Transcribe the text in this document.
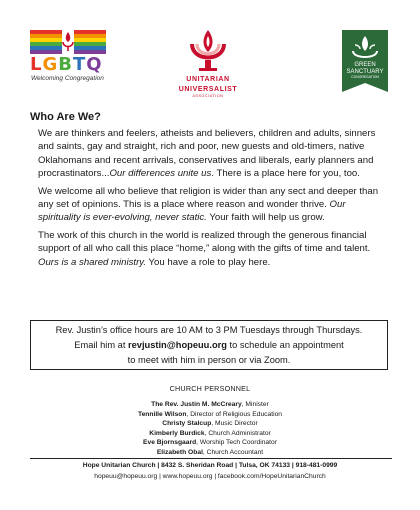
LGBTQ
Welcoming Congregation	UNITARIAN
UNIVERSALIST
ASSOCIATION
GREEN
SANCTUARY
CONGREGATION
Who Are We?

We are thinkers and feelers, atheists and believers, children and adults, sinners and saints, gay and straight, rich and poor, new guests and old-timers, native Oklahomans and recent arrivals, conservatives and liberals, early planners and procrastinators...Our differences unite us. There is a place here for you, too.

We welcome all who believe that religion is wider than any sect and deeper than any set of opinions. This is a place where reason and wonder thrive. Our spirituality is ever-evolving, never static. Your faith will help us grow.

The work of this church in the world is realized through the generous financial support of all who call this place “home,” along with the gifts of time and talent. Ours is a shared ministry. You have a role to play here.

Rev. Justin’s office hours are 10 AM to 3 PM Tuesdays through Thursdays.
Email him at revjustin@hopeuu.org to schedule an appointment
to meet with him in person or via Zoom.
CHURCH PERSONNEL
The Rev. Justin M. McCreary, Minister
Tennille Wilson, Director of Religious Education
Christy Stalcup, Music Director
Kimberly Burdick, Church Administrator
Eve Bjornsgaard, Worship Tech Coordinator
Elizabeth Obal, Church Accountant
Hope Unitarian Church | 8432 S. Sheridan Road | Tulsa, OK 74133 | 918-481-0999
hopeuu@hopeuu.org | www.hopeuu.org | facebook.com/HopeUnitarianChurch
